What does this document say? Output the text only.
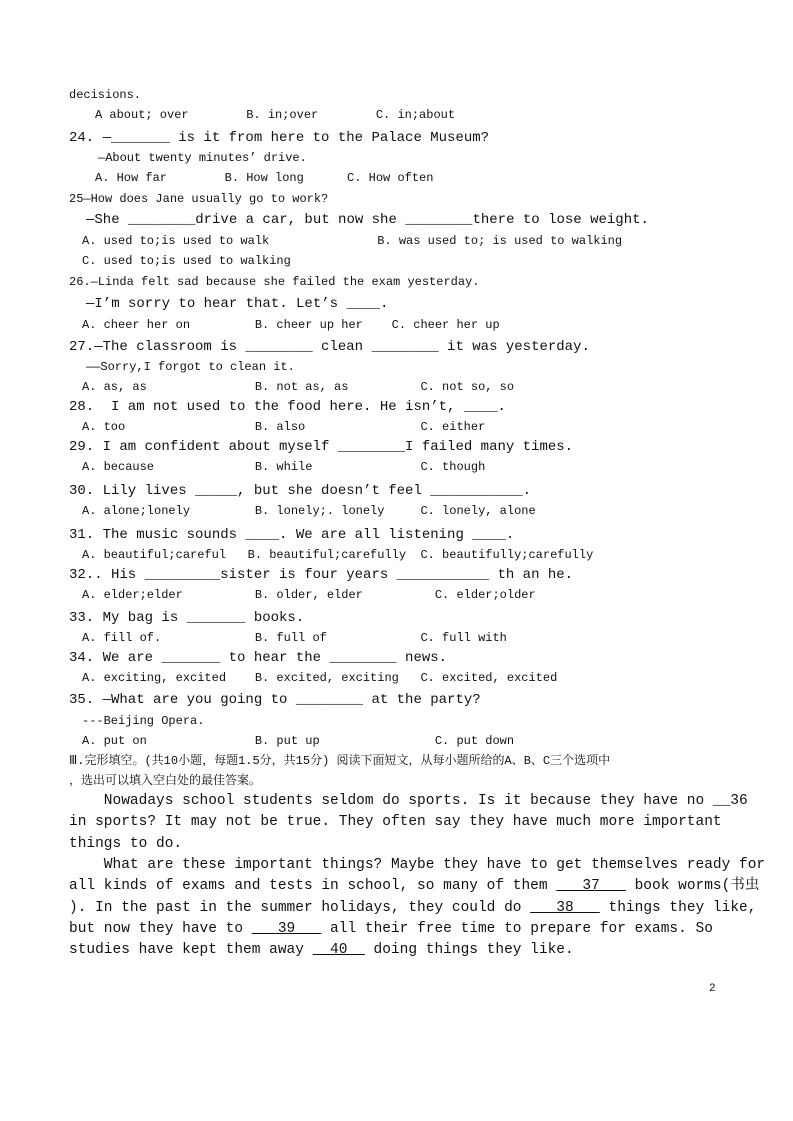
decisions.
A about; over        B. in;over        C. in;about
24. —_______ is it from here to the Palace Museum?
—About twenty minutes’ drive.
A. How far        B. How long      C. How often
25—How does Jane usually go to work?
—She ________drive a car, but now she ________there to lose weight.
A. used to;is used to walk               B. was used to; is used to walking
C. used to;is used to walking
26.—Linda felt sad because she failed the exam yesterday.
—I’m sorry to hear that. Let’s ____.
A. cheer her on         B. cheer up her    C. cheer her up
27.—The classroom is ________ clean ________ it was yesterday.
——Sorry,I forgot to clean it.
A. as, as               B. not as, as          C. not so, so
28.  I am not used to the food here. He isn’t, ____.
A. too                  B. also                C. either
29. I am confident about myself ________I failed many times.
A. because              B. while               C. though
30. Lily lives _____, but she doesn’t feel ___________.
A. alone;lonely         B. lonely;. lonely     C. lonely, alone
31. The music sounds ____. We are all listening ____.
A. beautiful;careful   B. beautiful;carefully  C. beautifully;carefully
32.. His _________sister is four years ___________ th an he.
A. elder;elder          B. older, elder          C. elder;older
33. My bag is _______ books.
A. fill of.             B. full of             C. full with
34. We are _______ to hear the ________ news.
A. exciting, excited    B. excited, exciting   C. excited, excited
35. —What are you going to ________ at the party?
---Beijing Opera.
A. put on               B. put up                C. put down
Ⅲ.完形填空。(共10小题，每题1.5分，共15分) 阅读下面短文，从每小题所给的A、B、C三个选项中
，选出可以填入空白处的最佳答案。
Nowadays school students seldom do sports. Is it because they have no __36
in sports? It may not be true. They often say they have much more important
things to do.
What are these important things? Maybe they have to get themselves ready for
all kinds of exams and tests in school, so many of them    37    book worms(书虫
). In the past in the summer holidays, they could do    38    things they like,
but now they have to    39    all their free time to prepare for exams. So
studies have kept them away   40   doing things they like.
2
